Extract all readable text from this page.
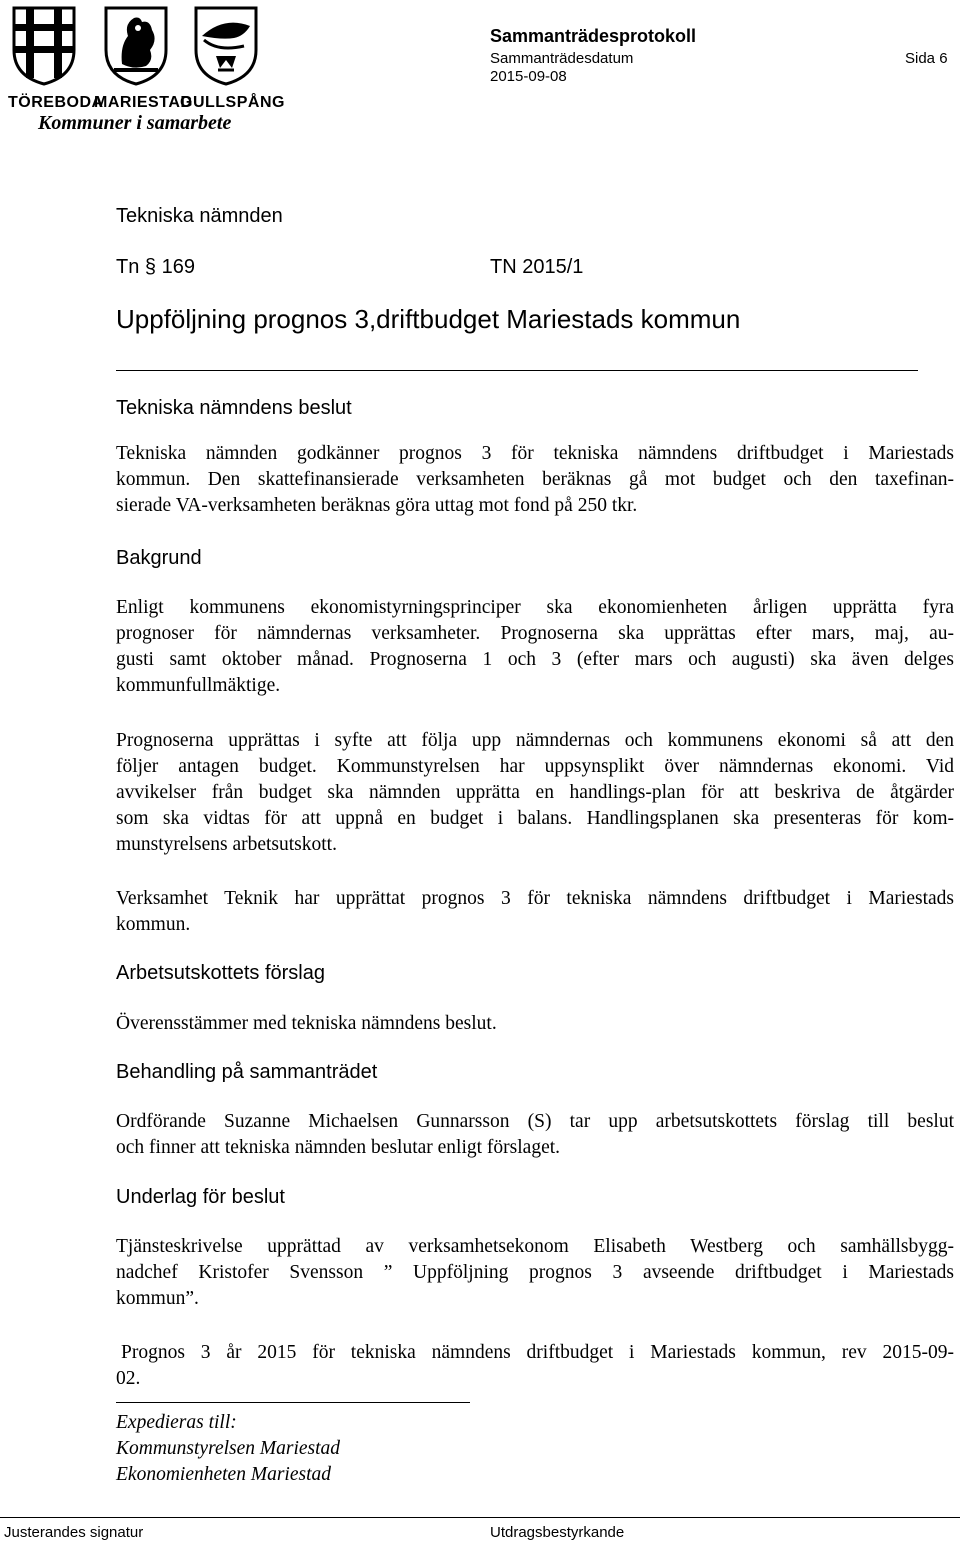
TÖREBODA
MARIESTAD
GULLSPÅNG
Kommuner i samarbete
Sammanträdesprotokoll
Sammanträdesdatum	Sida 6
2015-09-08
Tekniska nämnden
Tn § 169	TN 2015/1
Uppföljning prognos 3,driftbudget Mariestads kommun
Tekniska nämndens beslut
Tekniska nämnden godkänner prognos 3 för tekniska nämndens driftbudget i Mariestads
kommun. Den skattefinansierade verksamheten beräknas gå mot budget och den taxefinan-
sierade VA-verksamheten beräknas göra uttag mot fond på 250 tkr.
Bakgrund
Enligt kommunens ekonomistyrningsprinciper ska ekonomienheten årligen upprätta fyra
prognoser för nämndernas verksamheter. Prognoserna ska upprättas efter mars, maj, au-
gusti samt oktober månad. Prognoserna 1 och 3 (efter mars och augusti) ska även delges
kommunfullmäktige.
Prognoserna upprättas i syfte att följa upp nämndernas och kommunens ekonomi så att den
följer antagen budget. Kommunstyrelsen har uppsynsplikt över nämndernas ekonomi. Vid
avvikelser från budget ska nämnden upprätta en handlings-plan för att beskriva de åtgärder
som ska vidtas för att uppnå en budget i balans. Handlingsplanen ska presenteras för kom-
munstyrelsens arbetsutskott.
Verksamhet Teknik har upprättat prognos 3 för tekniska nämndens driftbudget i Mariestads
kommun.
Arbetsutskottets förslag
Överensstämmer med tekniska nämndens beslut.
Behandling på sammanträdet
Ordförande Suzanne Michaelsen Gunnarsson (S) tar upp arbetsutskottets förslag till beslut
och finner att tekniska nämnden beslutar enligt förslaget.
Underlag för beslut
Tjänsteskrivelse upprättad av verksamhetsekonom Elisabeth Westberg och samhällsbygg-
nadchef Kristofer Svensson ” Uppföljning prognos 3 avseende driftbudget i Mariestads
kommun”.
Prognos 3 år 2015 för tekniska nämndens driftbudget i Mariestads kommun, rev 2015-09-
02.
Expedieras till:
Kommunstyrelsen Mariestad
Ekonomienheten Mariestad
Justerandes signatur	Utdragsbestyrkande
